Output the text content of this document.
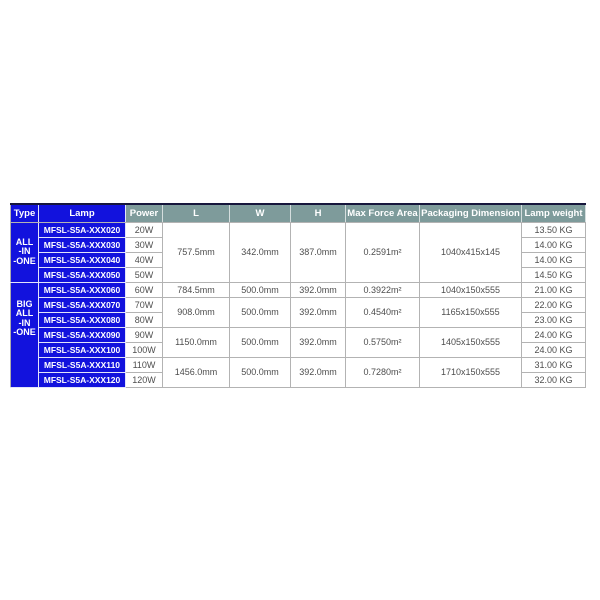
Type	Lamp	Power	L	W	H	Max Force Area	Packaging Dimension	Lamp weight

ALL
-IN
-ONE	MFSL-S5A-XXX020	20W	757.5mm	342.0mm	387.0mm	0.2591m²	1040x415x145	13.50 KG
	MFSL-S5A-XXX030	30W						14.00 KG
	MFSL-S5A-XXX040	40W						14.00 KG
	MFSL-S5A-XXX050	50W						14.50 KG

BIG
ALL
-IN
-ONE	MFSL-S5A-XXX060	60W	784.5mm	500.0mm	392.0mm	0.3922m²	1040x150x555	21.00 KG
	MFSL-S5A-XXX070	70W	908.0mm	500.0mm	392.0mm	0.4540m²	1165x150x555	22.00 KG
	MFSL-S5A-XXX080	80W						23.00 KG
	MFSL-S5A-XXX090	90W	1150.0mm	500.0mm	392.0mm	0.5750m²	1405x150x555	24.00 KG
	MFSL-S5A-XXX100	100W						24.00 KG
	MFSL-S5A-XXX110	110W	1456.0mm	500.0mm	392.0mm	0.7280m²	1710x150x555	31.00 KG
	MFSL-S5A-XXX120	120W						32.00 KG
